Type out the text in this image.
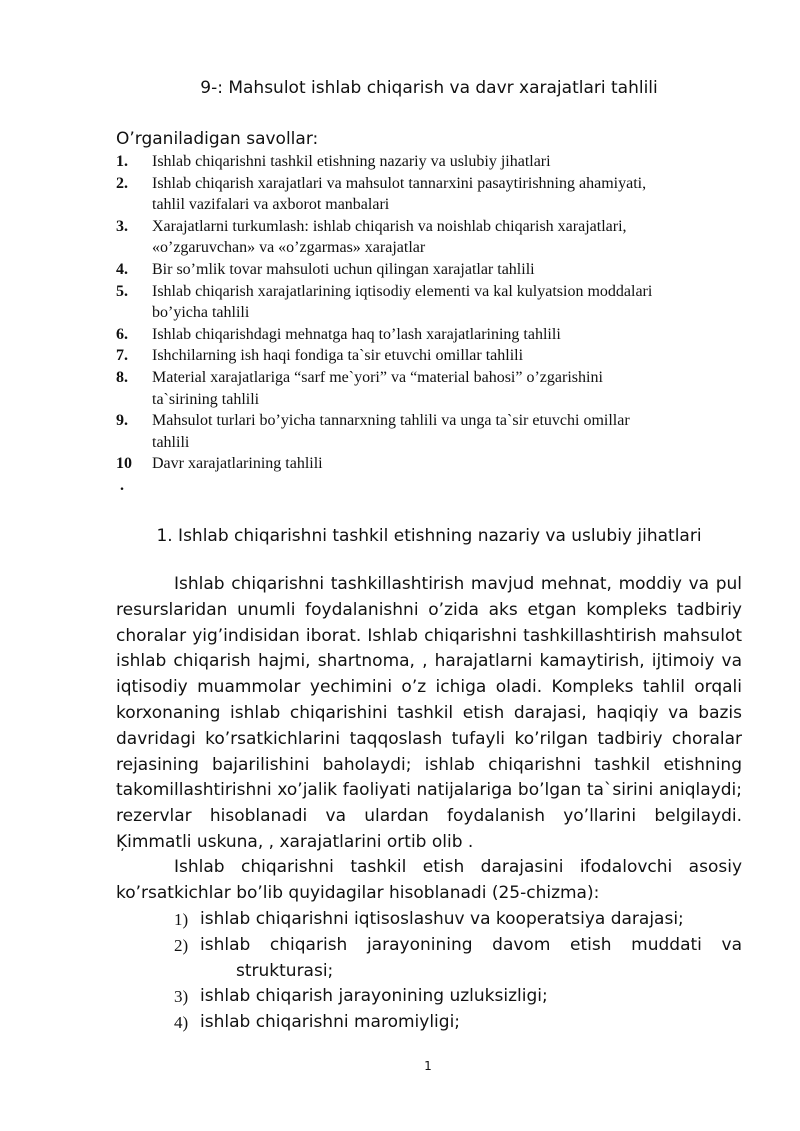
9-: Mahsulot ishlab chiqarish va davr xarajatlari tahlili
O’rganiladigan savollar:
1.	Ishlab chiqarishni tashkil etishning nazariy va uslubiy jihatlari
2.	Ishlab chiqarish xarajatlari va mahsulot tannarxini pasaytirishning ahamiyati,
tahlil vazifalari va axborot manbalari
3.	Xarajatlarni turkumlash: ishlab chiqarish va noishlab chiqarish xarajatlari,
«o’zgaruvchan» va «o’zgarmas» xarajatlar
4.	Bir so’mlik tovar mahsuloti uchun qilingan xarajatlar tahlili
5.	Ishlab chiqarish xarajatlarining iqtisodiy elementi va kal kulyatsion moddalari
bo’yicha tahlili
6.	Ishlab chiqarishdagi mehnatga haq to’lash xarajatlarining tahlili
7.	Ishchilarning ish haqi fondiga ta`sir etuvchi omillar tahlili
8.	Material xarajatlariga “sarf me`yori” va “material bahosi” o’zgarishini
ta`sirining tahlili
9.	Mahsulot turlari bo’yicha tannarxning tahlili va unga ta`sir etuvchi omillar
tahlili
10
.
Davr xarajatlarining tahlili
1. Ishlab chiqarishni tashkil etishning nazariy va uslubiy jihatlari

Ishlab chiqarishni tashkillashtirish mavjud mehnat, moddiy va pul resurslaridan unumli foydalanishni o’zida aks etgan kompleks tadbiriy choralar yig’indisidan iborat. Ishlab chiqarishni tashkillashtirish mahsulot ishlab chiqarish hajmi, shartnoma, , harajatlarni kamaytirish, ijtimoiy va iqtisodiy muammolar yechimini o’z ichiga oladi. Kompleks tahlil orqali korxonaning ishlab chiqarishini tashkil etish darajasi, haqiqiy va bazis davridagi ko’rsatkichlarini taqqoslash tufayli ko’rilgan tadbiriy choralar rejasining bajarilishini baholaydi; ishlab chiqarishni tashkil etishning takomillashtirishni xo’jalik faoliyati natijalariga bo’lgan ta`sirini aniqlaydi; rezervlar hisoblanadi va ulardan foydalanish yo’llarini belgilaydi. Ķimmatli uskuna, , xarajatlarini ortib olib .

Ishlab chiqarishni tashkil etish darajasini ifodalovchi asosiy ko’rsatkichlar bo’lib quyidagilar hisoblanadi (25-chizma):

1) ishlab chiqarishni iqtisoslashuv va kooperatsiya darajasi;
2) ishlab chiqarish jarayonining davom etish muddati va
strukturasi;
3) ishlab chiqarish jarayonining uzluksizligi;
4) ishlab chiqarishni maromiyligi;
1
